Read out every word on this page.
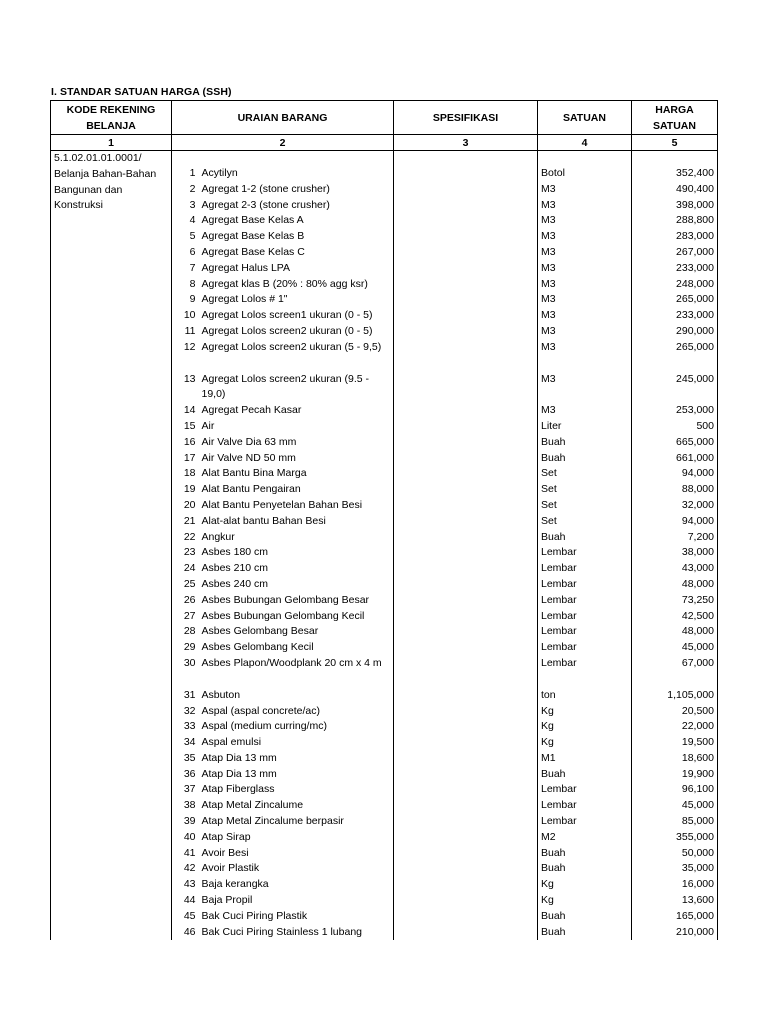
I. STANDAR SATUAN HARGA (SSH)
KODE REKENING BELANJA	URAIAN BARANG		SPESIFIKASI	SATUAN	HARGA SATUAN
1	2		3	4	5

5.1.02.01.01.0001/
Belanja Bahan-Bahan
Bangunan dan
Konstruksi					

	1	Acytilyn		Botol	352,400
	2	Agregat 1-2 (stone crusher)		M3	490,400
	3	Agregat 2-3 (stone crusher)		M3	398,000
	4	Agregat Base Kelas A		M3	288,800
	5	Agregat Base Kelas B		M3	283,000
	6	Agregat Base Kelas C		M3	267,000
	7	Agregat Halus LPA		M3	233,000
	8	Agregat klas B (20% : 80% agg ksr)		M3	248,000
	9	Agregat Lolos # 1"		M3	265,000
	10	Agregat Lolos screen1 ukuran (0 - 5)		M3	233,000
	11	Agregat Lolos screen2 ukuran (0 - 5)		M3	290,000
	12	Agregat Lolos screen2 ukuran (5 - 9,5)		M3	265,000

	13	Agregat Lolos screen2 ukuran (9.5 - 19,0)		M3	245,000
	14	Agregat Pecah Kasar		M3	253,000
	15	Air		Liter	500
	16	Air Valve Dia 63 mm		Buah	665,000
	17	Air Valve ND 50 mm		Buah	661,000
	18	Alat Bantu Bina Marga		Set	94,000
	19	Alat Bantu Pengairan		Set	88,000
	20	Alat Bantu Penyetelan Bahan Besi		Set	32,000
	21	Alat-alat bantu Bahan Besi		Set	94,000
	22	Angkur		Buah	7,200
	23	Asbes 180 cm		Lembar	38,000
	24	Asbes 210 cm		Lembar	43,000
	25	Asbes 240 cm		Lembar	48,000
	26	Asbes Bubungan Gelombang Besar		Lembar	73,250
	27	Asbes Bubungan Gelombang Kecil		Lembar	42,500
	28	Asbes Gelombang Besar		Lembar	48,000
	29	Asbes Gelombang Kecil		Lembar	45,000
	30	Asbes Plapon/Woodplank 20 cm x 4 m		Lembar	67,000

	31	Asbuton		ton	1,105,000
	32	Aspal (aspal concrete/ac)		Kg	20,500
	33	Aspal (medium curring/mc)		Kg	22,000
	34	Aspal emulsi		Kg	19,500
	35	Atap Dia 13 mm		M1	18,600
	36	Atap Dia 13 mm		Buah	19,900
	37	Atap Fiberglass		Lembar	96,100
	38	Atap Metal Zincalume		Lembar	45,000
	39	Atap Metal Zincalume berpasir		Lembar	85,000
	40	Atap Sirap		M2	355,000
	41	Avoir Besi		Buah	50,000
	42	Avoir Plastik		Buah	35,000
	43	Baja kerangka		Kg	16,000
	44	Baja Propil		Kg	13,600
	45	Bak Cuci Piring Plastik		Buah	165,000
	46	Bak Cuci Piring Stainless 1 lubang		Buah	210,000
